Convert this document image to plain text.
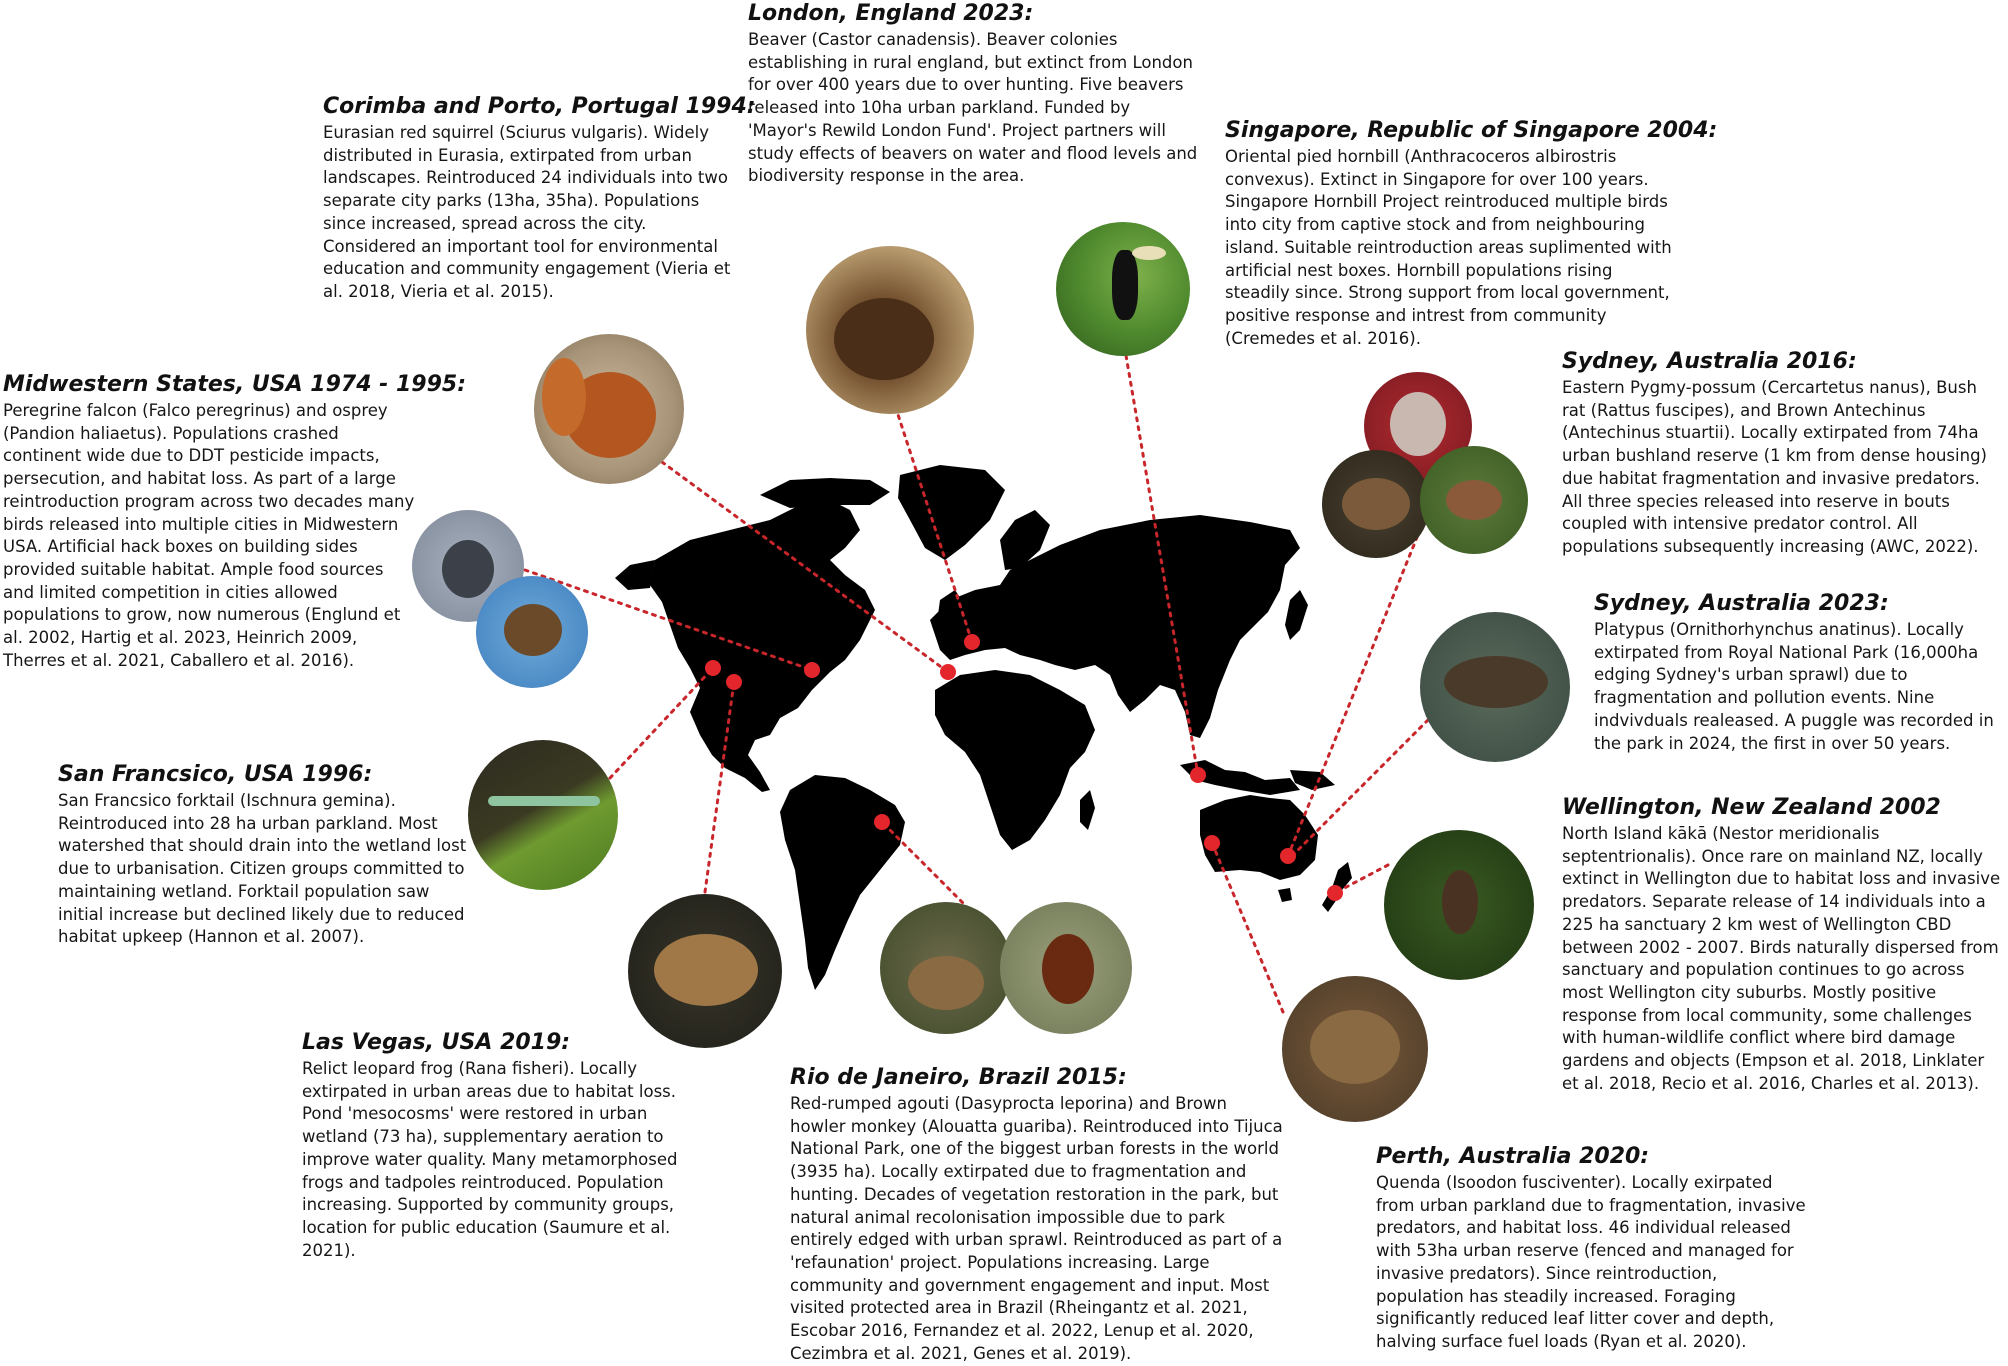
London, England 2023:

Beaver (Castor canadensis). Beaver colonies establishing in rural england, but extinct from London for over 400 years due to over hunting. Five beavers released into 10ha urban parkland. Funded by 'Mayor's Rewild London Fund'. Project partners will study effects of beavers on water and flood levels and biodiversity response in the area.

Corimba and Porto, Portugal 1994:

Eurasian red squirrel (Sciurus vulgaris). Widely distributed in Eurasia, extirpated from urban landscapes. Reintroduced 24 individuals into two separate city parks (13ha, 35ha). Populations since increased, spread across the city. Considered an important tool for environmental education and community engagement (Vieria et al. 2018, Vieria et al. 2015).

Singapore, Republic of Singapore 2004:

Oriental pied hornbill (Anthracoceros albirostris convexus). Extinct in Singapore for over 100 years. Singapore Hornbill Project reintroduced multiple birds into city from captive stock and from neighbouring island. Suitable reintroduction areas suplimented with artificial nest boxes. Hornbill populations rising steadily since. Strong support from local government, positive response and intrest from community (Cremedes et al. 2016).

Midwestern States, USA 1974 - 1995:

Peregrine falcon (Falco peregrinus) and osprey (Pandion haliaetus). Populations crashed continent wide due to DDT pesticide impacts, persecution, and habitat loss. As part of a large reintroduction program across two decades many birds released into multiple cities in Midwestern USA. Artificial hack boxes on building sides provided suitable habitat. Ample food sources and limited competition in cities allowed populations to grow, now numerous (Englund et al. 2002, Hartig et al. 2023, Heinrich 2009, Therres et al. 2021, Caballero et al. 2016).

Sydney, Australia 2016:

Eastern Pygmy-possum (Cercartetus nanus), Bush rat (Rattus fuscipes), and Brown Antechinus (Antechinus stuartii). Locally extirpated from 74ha urban bushland reserve (1 km from dense housing) due habitat fragmentation and invasive predators. All three species released into reserve in bouts coupled with intensive predator control. All populations subsequently increasing (AWC, 2022).

Sydney, Australia 2023:

Platypus (Ornithorhynchus anatinus). Locally extirpated from Royal National Park (16,000ha edging Sydney's urban sprawl) due to fragmentation and pollution events. Nine indvivduals realeased. A puggle was recorded in the park in 2024, the first in over 50 years.

San Francsico, USA 1996:

San Francsico forktail (Ischnura gemina). Reintroduced into 28 ha urban parkland. Most watershed that should drain into the wetland lost due to urbanisation. Citizen groups committed to maintaining wetland. Forktail population saw initial increase but declined likely due to reduced habitat upkeep (Hannon et al. 2007).

Wellington, New Zealand 2002

North Island kākā (Nestor meridionalis septentrionalis). Once rare on mainland NZ, locally extinct in Wellington due to habitat loss and invasive predators. Separate release of 14 individuals into a 225 ha sanctuary 2 km west of Wellington CBD between 2002 - 2007. Birds naturally dispersed from sanctuary and population continues to go across most Wellington city suburbs. Mostly positive response from local community, some challenges with human-wildlife conflict where bird damage gardens and objects (Empson et al. 2018, Linklater et al. 2018, Recio et al. 2016, Charles et al. 2013).

Las Vegas, USA 2019:

Relict leopard frog (Rana fisheri). Locally extirpated in urban areas due to habitat loss. Pond 'mesocosms' were restored in urban wetland (73 ha), supplementary aeration to improve water quality. Many metamorphosed frogs and tadpoles reintroduced. Population increasing. Supported by community groups, location for public education (Saumure et al. 2021).

Rio de Janeiro, Brazil 2015:

Red-rumped agouti (Dasyprocta leporina) and Brown howler monkey (Alouatta guariba). Reintroduced into Tijuca National Park, one of the biggest urban forests in the world (3935 ha). Locally extirpated due to fragmentation and hunting. Decades of vegetation restoration in the park, but natural animal recolonisation impossible due to park entirely edged with urban sprawl. Reintroduced as part of a 'refaunation' project. Populations increasing. Large community and government engagement and input. Most visited protected area in Brazil (Rheingantz et al. 2021, Escobar 2016, Fernandez et al. 2022, Lenup et al. 2020, Cezimbra et al. 2021, Genes et al. 2019).

Perth, Australia 2020:

Quenda (Isoodon fusciventer). Locally exirpated from urban parkland due to fragmentation, invasive predators, and habitat loss. 46 individual released with 53ha urban reserve (fenced and managed for invasive predators). Since reintroduction, population has steadily increased. Foraging significantly reduced leaf litter cover and depth, halving surface fuel loads (Ryan et al. 2020).
